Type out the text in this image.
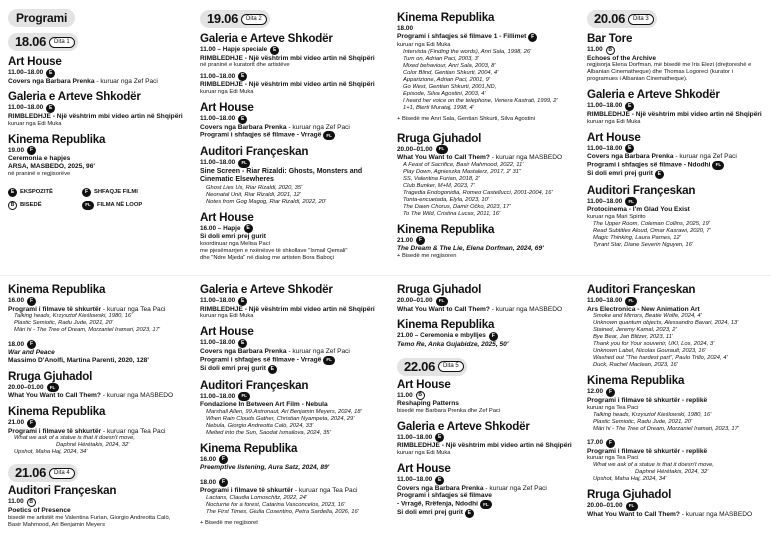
Programi
18.06	Dita 1
Art House
11.00–18.00	E
Covers nga Barbara Prenka - kuruar nga Zef Paci
Galeria e Arteve Shkodër
11.00–18.00	E
RIMBLEDHJE - Një vështrim mbi video artin në Shqipëri
kuruar nga Edi Muka
Kinema Republika
19.00	F
Ceremonia e hapjes
ARSA, MASBEDO, 2025, 96'
në praninë e regjisorëve
E	EKSPOZITË	F	SHFAQJE FILMI
B BISEDË	FL	FILMA NË LOOP
19.06	Dita 2
Galeria e Arteve Shkodër
11.00 – Hapje speciale	E
RIMBLEDHJE - Një vështrim mbi video artin në Shqipëri
në praninë e kuratorit dhe artistëve
11.00–18.00	E
RIMBLEDHJE - Një vështrim mbi video artin në Shqipëri
kuruar nga Edi Muka
Art House
11.00–18.00	E
Covers nga Barbara Prenka - kuruar nga Zef Paci
Programi i shfaqjes së filmave - Vrragë FL
Auditori Françeskan
11.00–18.00	FL
Sine Screen - Riar Rizaldi: Ghosts, Monsters and Cinematic Elsewheres
Ghost Lies Us, Riar Rizaldi, 2020, 35'
Neonatal Unit, Riar Rizaldi, 2021, 12'
Notes from Gog Magog, Riar Rizaldi, 2022, 20'
Art House
16.00 – Hapje	E
Si doli emri prej gurit
koordinuar nga Melisa Paci
me pjesëmarrjen e nxënësve të shkollave "Ismail Qemali"
dhe "Ndre Mjeda" në dialog me artisten Bora Baboçi
Kinema Republika
18.00
Programi i shfaqjes së filmave 1 - Fillimet F
kuruar nga Edi Muka
Intervista (Finding the words), Anri Sala, 1998, 26'
Turn on, Adrian Paci, 2003, 3'
Mixed behaviour, Anri Sala, 2003, 8'
Color Blind, Gentian Shkurti, 2004, 4'
Apparizione, Adrian Paci, 2001, 9'
Go West, Gentian Shkurti, 2001,ND,
Episode, Silva Agostini, 2003, 4'
I heard her voice on the telephone, Venera Kastrati, 1999, 2'
1+1, Blerti Murataj, 1998, 4'
+ Bisedë me Anri Sala, Gentian Shkurti, Silva Agostini
Rruga Gjuhadol
20.00–01.00	FL
What You Want to Call Them? - kuruar nga MASBEDO
A Feast of Sacrifice, Basir Mahmood, 2022, 11'
Play Down, Agnieszka Mastalerz, 2017, 2' 31"
SS, Valentina Furian, 2018, 2'
Club Bunker, M+M, 2023, 7'
Tragedia Endogonidia, Romeo Castellucci, 2001-2004, 16'
Tonta-encuetada, Elyla, 2023, 10'
The Dawn Chorus, Damir Očko, 2023, 17'
To The Wild, Cristina Lucas, 2011, 16'
Kinema Republika
21.00	F
The Dream & The Lie, Elena Dorfman, 2024, 69'
+ Bisedë me regjisoren
20.06	Dita 3
Bar Tore
11.00	B
Echoes of the Archive
regjisorja Elena Dorfman, më bisedë me Iris Elezi (drejtoreshë e
Albanian Cinematheque) dhe Thomas Logoreci (kurator i
programues i Albanian Cinematheque).
Galeria e Arteve Shkodër
11.00–18.00	E
RIMBLEDHJE - Një vështrim mbi video artin në Shqipëri
kuruar nga Edi Muka
Art House
11.00–18.00	E
Covers nga Barbara Prenka - kuruar nga Zef Paci
Programi i shfaqjes së filmave - Ndodhi FL
Si doli emri prej gurit E
Auditori Françeskan
11.00–18.00	FL
Protocinema - I'm Glad You Exist
kuruar nga Mari Spirito
The Upper Room, Coleman Collins, 2025, 19'
Read Subtitles Aloud, Omar Kasrawi, 2020, 7'
Magic Thinking, Laura Parnes, 12'
Tyrant Star, Diane Severin Nguyen, 16'
Kinema Republika
16.00	F
Programi i filmave të shkurtër - kuruar nga Tea Paci
Talking heads, Krzysztof Kieślowski, 1980, 16'
Plastic Semiotic, Radu Jude, 2021, 20'
Märi hi - The Tree of Dream, Morzaniel Iramari, 2023, 17'
18.00	F
War and Peace
Massimo D'Anolfi, Martina Parenti, 2020, 128'
Rruga Gjuhadol
20.00–01.00	FL
What You Want to Call Them? - kuruar nga MASBEDO
Kinema Republika
21.00	F
Programi i filmave të shkurtër - kuruar nga Tea Paci
What we ask of a statue is that it doesn't move,
Daphné Hérétakis, 2024, 32'
Upshot, Maha Haj, 2024, 34'
21.06	Dita 4
Auditori Françeskan
11.00	B
Poetics of Presence
bisedë me artistët me Valentina Furian, Giorgio Andreotta Calò,
Basir Mahmood, Ari Benjamin Meyers
Galeria e Arteve Shkodër
11.00–18.00	E
RIMBLEDHJE - Një vështrim mbi video artin në Shqipëri
kuruar nga Edi Muka
Art House
11.00–18.00	E
Covers nga Barbara Prenka - kuruar nga Zef Paci
Programi i shfaqjes së filmave - Vrragë FL
Si doli emri prej gurit E
Auditori Françeskan
11.00–18.00	FL
Fondazione In Between Art Film - Nebula
Marshall Allen, 99.Astronaut, Ari Benjamin Meyers, 2024, 18'
When Rain Clouds Gather, Christian Nyampeta, 2024, 29'
Nebula, Giorgio Andreotta Calò, 2024, 33'
Melted into the Sun, Saodat Ismailova, 2024, 35'
Kinema Republika
16.00	F
Preemptive listening, Aura Satz, 2024, 89'
18.00	F
Programi i filmave të shkurtër - kuruar nga Tea Paci
Lactans, Claudia Lomoschitz, 2022, 24'
Nocturne for a forest, Catarina Vasconcelos, 2023, 16'
The First Times, Giulia Cosentino, Petra Sardella, 2026, 16'
+ Bisedë me regjisoret
Rruga Gjuhadol
20.00–01.00	FL
What You Want to Call Them? - kuruar nga MASBEDO
Kinema Republika
21.00 – Ceremonia e mbylljes	F
Temo Re, Anka Gujabidze, 2025, 50'
22.06	Dita 5
Art House
11.00	B
Reshaping Patterns
bisedë me Barbara Prenka dhe Zef Paci
Galeria e Arteve Shkodër
11.00–18.00	E
RIMBLEDHJE - Një vështrim mbi video artin në Shqipëri
kuruar nga Edi Muka
Art House
11.00–18.00	E
Covers nga Barbara Prenka - kuruar nga Zef Paci
Programi i shfaqjes së filmave
- Vrragë, Rrëfenja, Ndodhi FL
Si doli emri prej gurit E
Auditori Françeskan
11.00–18.00	FL
Ars Electronica - New Animation Art
Smoke and Mirrors, Beatie Wolfe, 2024, 4'
Unknown quantum objects, Alessandro Bavari, 2024, 13'
Stained, Jeremy Kamal, 2023, 2'
Bye Bear, Jan Blitzer, 2023, 11'
Thank you for Your souvenir, UKI, Los, 2024, 3'
Unknown Label, Nicolas Gourault, 2023, 16'
Washed out "The hardest part", Paulo Trillo, 2024, 4'
Duck, Rachel Maclean, 2023, 16'
Kinema Republika
12.00	F
Programi i filmave të shkurtër - replikë
kuruar nga Tea Paci
Talking heads, Krzysztof Kieślowski, 1980, 16'
Plastic Semiotic, Radu Jude, 2021, 20'
Märi hi - The Tree of Dream, Morzaniel Iramari, 2023, 17'
17.00	F
Programi i filmave të shkurtër - replikë
kuruar nga Tea Paci
What we ask of a statue is that it doesn't move,
Daphné Hérétakis, 2024, 32'
Upshot, Maha Haj, 2024, 34'
Rruga Gjuhadol
20.00–01.00	FL
What You Want to Call Them? - kuruar nga MASBEDO
